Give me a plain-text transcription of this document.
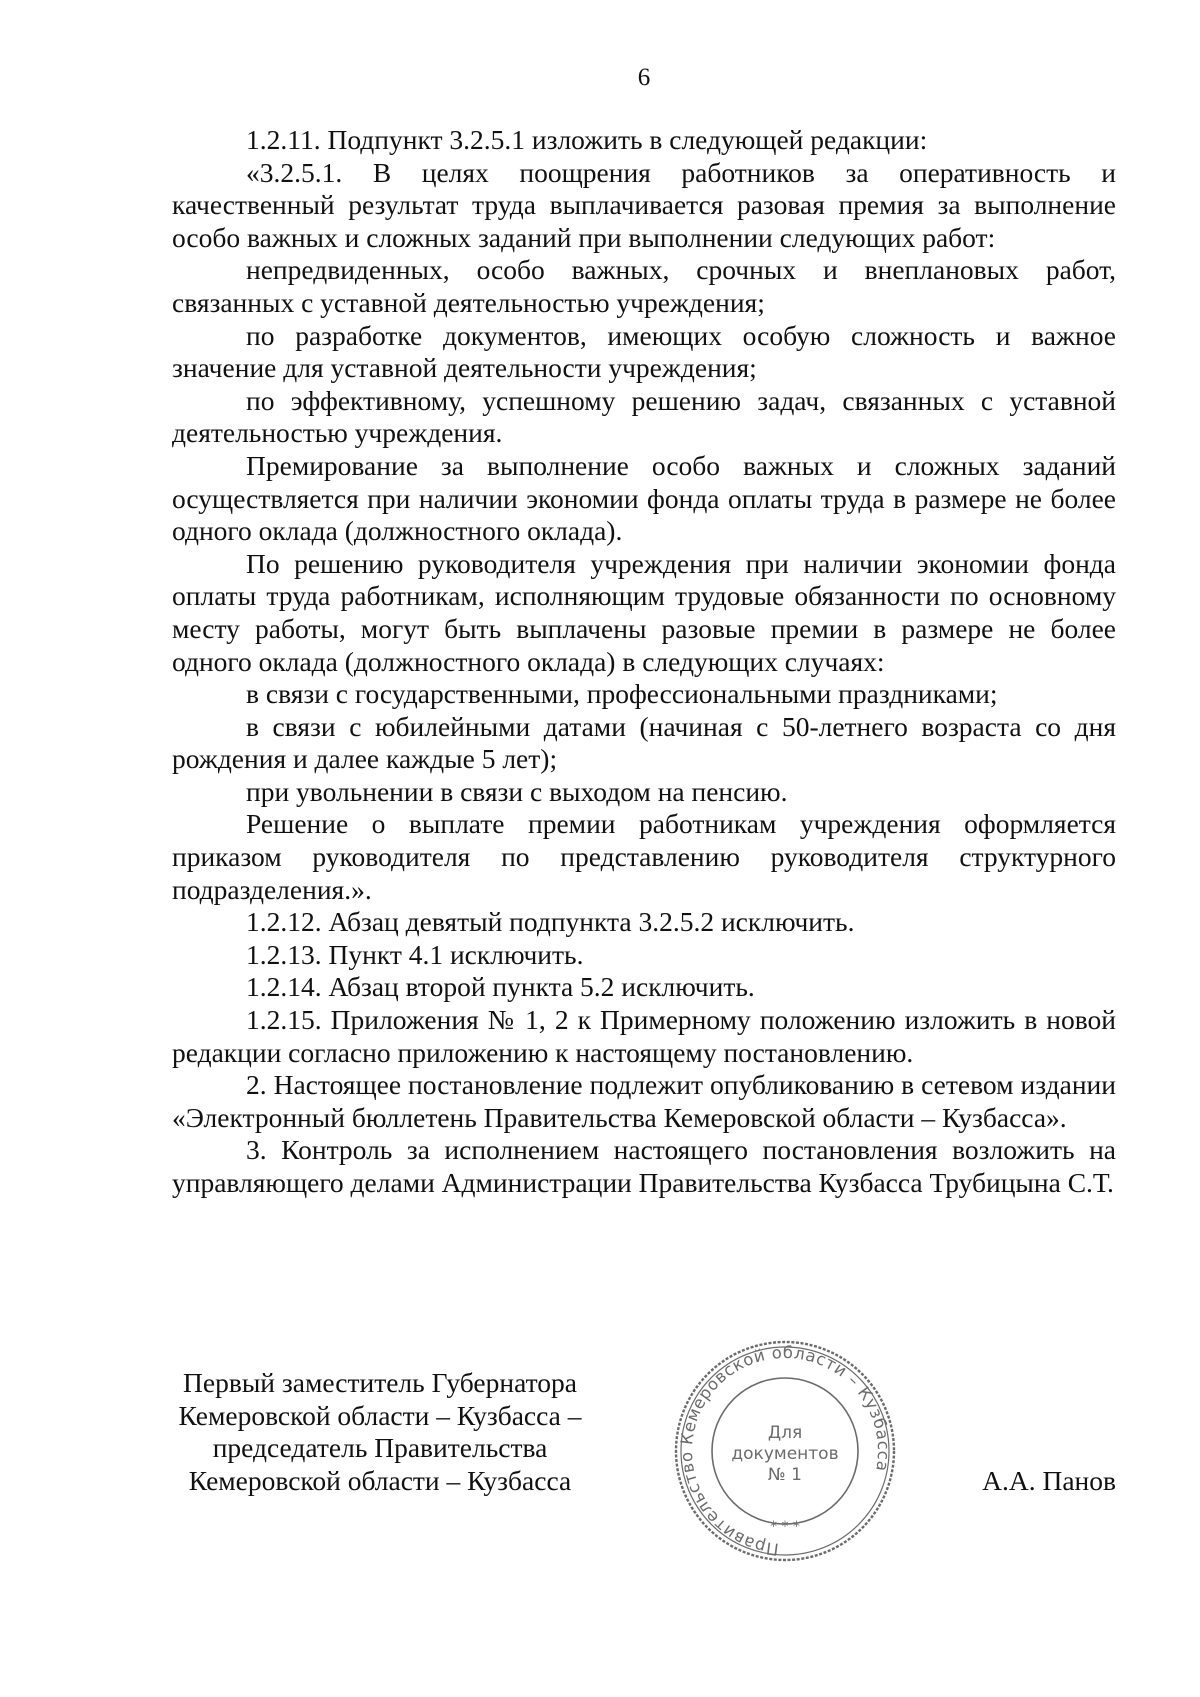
6

1.2.11. Подпункт 3.2.5.1 изложить в следующей редакции:

«3.2.5.1. В целях поощрения работников за оперативность и качественный результат труда выплачивается разовая премия за выполнение особо важных и сложных заданий при выполнении следующих работ:

непредвиденных, особо важных, срочных и внеплановых работ, связанных с уставной деятельностью учреждения;

по разработке документов, имеющих особую сложность и важное значение для уставной деятельности учреждения;

по эффективному, успешному решению задач, связанных с уставной деятельностью учреждения.

Премирование за выполнение особо важных и сложных заданий осуществляется при наличии экономии фонда оплаты труда в размере не более одного оклада (должностного оклада).

По решению руководителя учреждения при наличии экономии фонда оплаты труда работникам, исполняющим трудовые обязанности по основному месту работы, могут быть выплачены разовые премии в размере не более одного оклада (должностного оклада) в следующих случаях:

в связи с государственными, профессиональными праздниками;

в связи с юбилейными датами (начиная с 50-летнего возраста со дня рождения и далее каждые 5 лет);

при увольнении в связи с выходом на пенсию.

Решение о выплате премии работникам учреждения оформляется приказом руководителя по представлению руководителя структурного подразделения.».

1.2.12. Абзац девятый подпункта 3.2.5.2 исключить.

1.2.13. Пункт 4.1 исключить.

1.2.14. Абзац второй пункта 5.2 исключить.

1.2.15. Приложения № 1, 2 к Примерному положению изложить в новой редакции согласно приложению к настоящему постановлению.

2. Настоящее постановление подлежит опубликованию в сетевом издании «Электронный бюллетень Правительства Кемеровской области – Кузбасса».

3. Контроль за исполнением настоящего постановления возложить на управляющего делами Администрации Правительства Кузбасса Трубицына С.Т.

Первый заместитель Губернатора
Кемеровской области – Кузбасса –
председатель Правительства
Кемеровской области – Кузбасса
Правительство Кемеровской области – Кузбасса
* * *
Для
документов
№ 1	А.А. Панов
